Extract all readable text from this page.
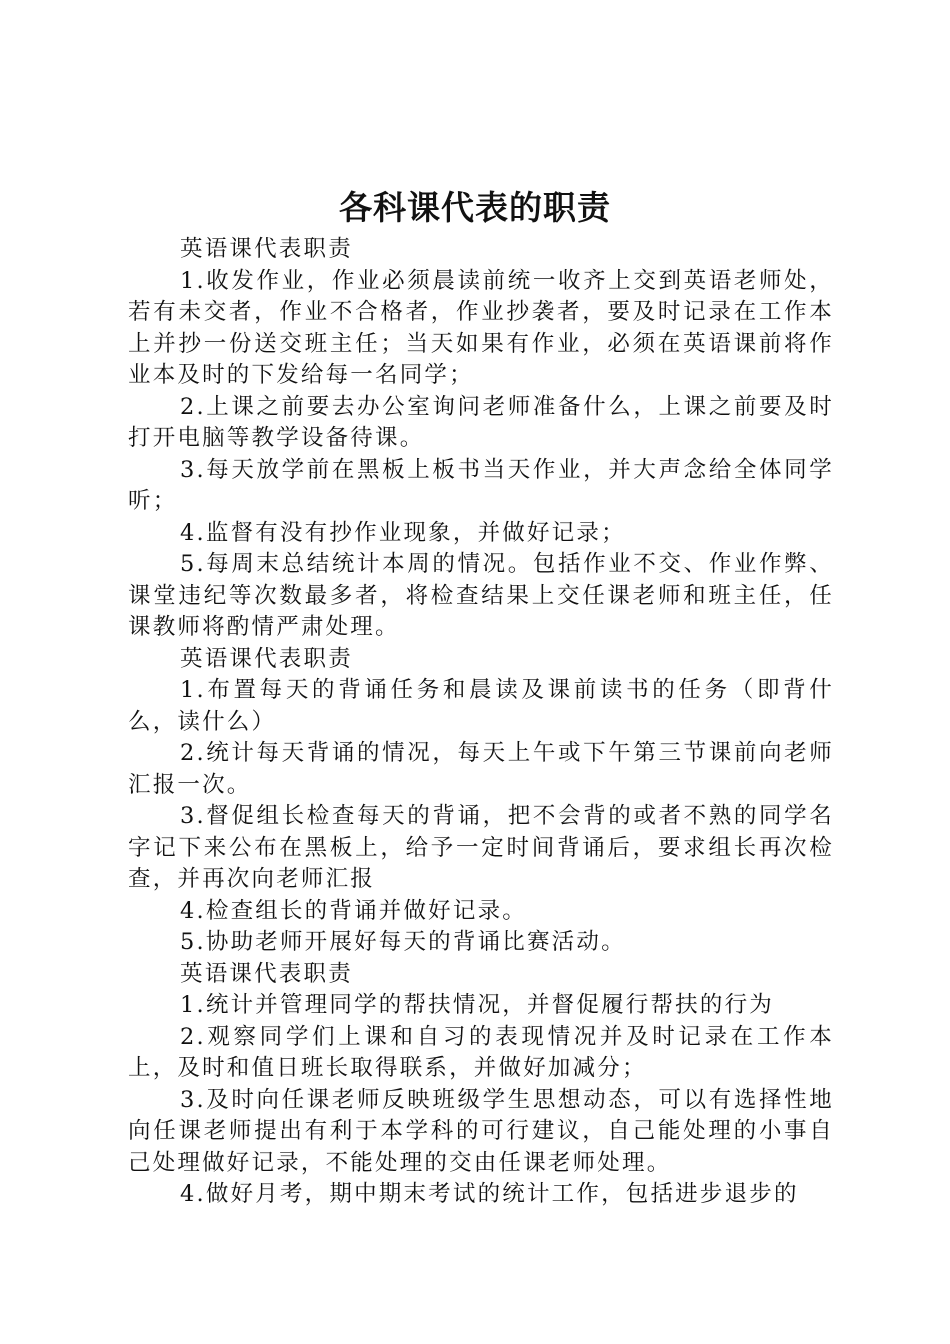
各科课代表的职责

英语课代表职责

1.收发作业，作业必须晨读前统一收齐上交到英语老师处，若有未交者，作业不合格者，作业抄袭者，要及时记录在工作本上并抄一份送交班主任；当天如果有作业，必须在英语课前将作业本及时的下发给每一名同学；

2.上课之前要去办公室询问老师准备什么，上课之前要及时打开电脑等教学设备待课。

3.每天放学前在黑板上板书当天作业，并大声念给全体同学听；

4.监督有没有抄作业现象，并做好记录；

5.每周末总结统计本周的情况。包括作业不交、作业作弊、课堂违纪等次数最多者，将检查结果上交任课老师和班主任，任课教师将酌情严肃处理。

英语课代表职责

1.布置每天的背诵任务和晨读及课前读书的任务（即背什么，读什么）

2.统计每天背诵的情况，每天上午或下午第三节课前向老师汇报一次。

3.督促组长检查每天的背诵，把不会背的或者不熟的同学名字记下来公布在黑板上，给予一定时间背诵后，要求组长再次检查，并再次向老师汇报

4.检查组长的背诵并做好记录。

5.协助老师开展好每天的背诵比赛活动。

英语课代表职责

1.统计并管理同学的帮扶情况，并督促履行帮扶的行为

2.观察同学们上课和自习的表现情况并及时记录在工作本上，及时和值日班长取得联系，并做好加减分；

3.及时向任课老师反映班级学生思想动态，可以有选择性地向任课老师提出有利于本学科的可行建议，自己能处理的小事自己处理做好记录，不能处理的交由任课老师处理。

4.做好月考，期中期末考试的统计工作，包括进步退步的
